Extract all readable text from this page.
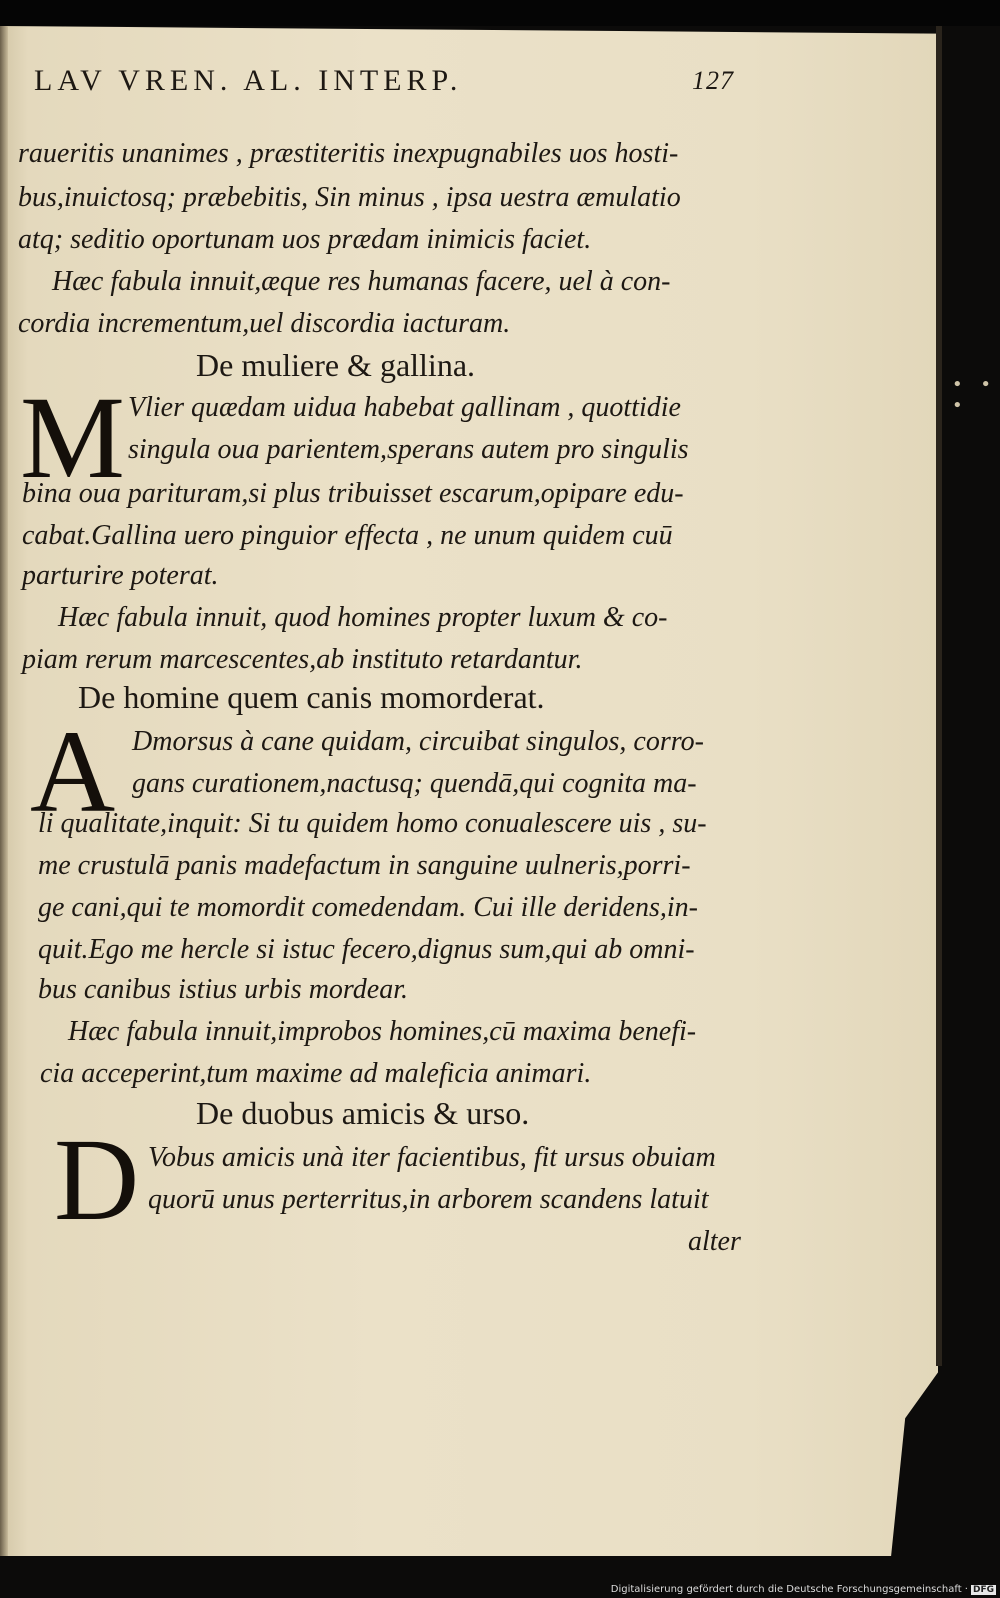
• • •
LAV VREN. AL. INTERP.	127
raueritis unanimes , præstiteritis inexpugnabiles uos hosti-
bus,inuictosq; præbebitis, Sin minus , ipsa uestra æmulatio
atq; seditio oportunam uos prædam inimicis faciet.
Hæc fabula innuit,æque res humanas facere, uel à con-
cordia incrementum,uel discordia iacturam.
De muliere & gallina.
M Vlier quædam uidua habebat gallinam , quottidie
singula oua parientem,sperans autem pro singulis
bina oua parituram,si plus tribuisset escarum,opipare edu-
cabat.Gallina uero pinguior effecta , ne unum quidem cuū
parturire poterat.
Hæc fabula innuit, quod homines propter luxum & co-
piam rerum marcescentes,ab instituto retardantur.
De homine quem canis momorderat.
A Dmorsus à cane quidam, circuibat singulos, corro-
gans curationem,nactusq; quendā,qui cognita ma-
li qualitate,inquit: Si tu quidem homo conualescere uis , su-
me crustulā panis madefactum in sanguine uulneris,porri-
ge cani,qui te momordit comedendam. Cui ille deridens,in-
quit.Ego me hercle si istuc fecero,dignus sum,qui ab omni-
bus canibus istius urbis mordear.
Hæc fabula innuit,improbos homines,cū maxima benefi-
cia acceperint,tum maxime ad maleficia animari.
De duobus amicis & urso.
D Vobus amicis unà iter facientibus, fit ursus obuiam
quorū unus perterritus,in arborem scandens latuit
alter
Digitalisierung gefördert durch die Deutsche Forschungsgemeinschaft · DFG
